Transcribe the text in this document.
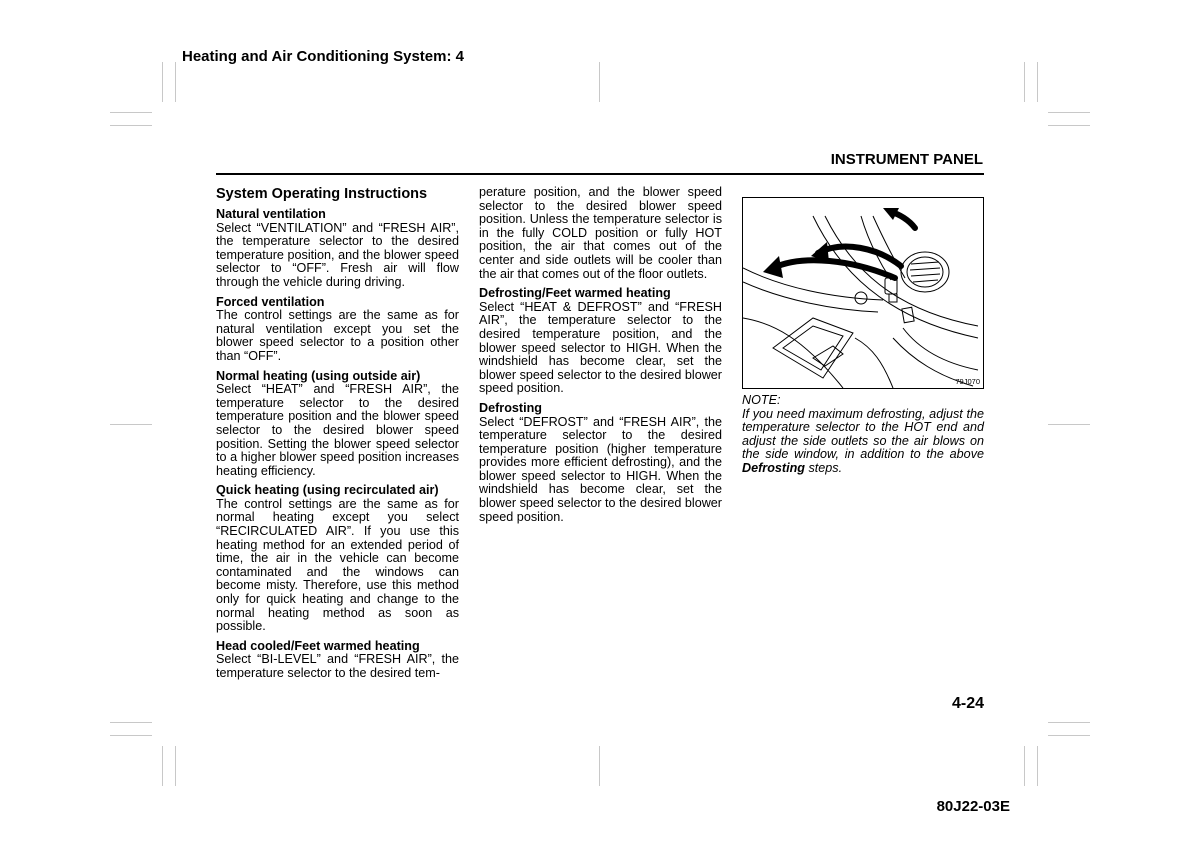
Heating and Air Conditioning System: 4
INSTRUMENT PANEL
System Operating Instructions
Natural ventilation

Select “VENTILATION” and “FRESH AIR”, the temperature selector to the desired temperature position, and the blower speed selector to “OFF”. Fresh air will flow through the vehicle during driving.

Forced ventilation

The control settings are the same as for natural ventilation except you set the blower speed selector to a position other than “OFF”.

Normal heating (using outside air)

Select “HEAT” and “FRESH AIR”, the temperature selector to the desired temperature position and the blower speed selector to the desired blower speed position. Setting the blower speed selector to a higher blower speed position increases heating efficiency.

Quick heating (using recirculated air)

The control settings are the same as for normal heating except you select “RECIRCULATED AIR”. If you use this heating method for an extended period of time, the air in the vehicle can become contaminated and the windows can become misty. Therefore, use this method only for quick heating and change to the normal heating method as soon as possible.

Head cooled/Feet warmed heating

Select “BI-LEVEL” and “FRESH AIR”, the temperature selector to the desired tem-

perature position, and the blower speed selector to the desired blower speed position. Unless the temperature selector is in the fully COLD position or fully HOT position, the air that comes out of the center and side outlets will be cooler than the air that comes out of the floor outlets.

Defrosting/Feet warmed heating

Select “HEAT & DEFROST” and “FRESH AIR”, the temperature selector to the desired temperature position, and the blower speed selector to HIGH. When the windshield has become clear, set the blower speed selector to the desired blower speed position.

Defrosting

Select “DEFROST” and “FRESH AIR”, the temperature selector to the desired temperature position (higher temperature provides more efficient defrosting), and the blower speed selector to HIGH. When the windshield has become clear, set the blower speed selector to the desired blower speed position.

79J070

NOTE:

If you need maximum defrosting, adjust the temperature selector to the HOT end and adjust the side outlets so the air blows on the side window, in addition to the above Defrosting steps.

4-24
80J22-03E
